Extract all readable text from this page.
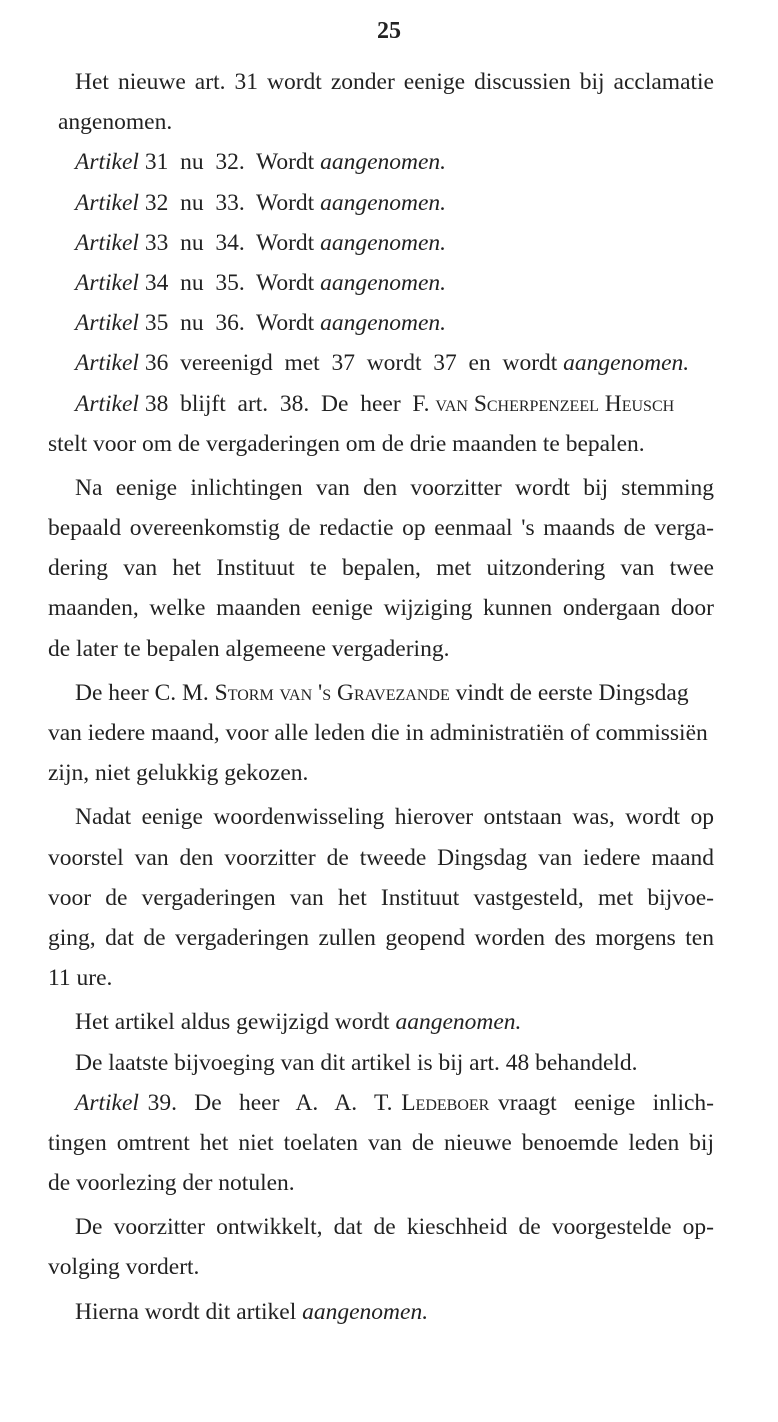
25
Het nieuwe art. 31 wordt zonder eenige discussien bij acclamatie
angenomen.
Artikel 31  nu  32.  Wordt aangenomen.
Artikel 32  nu  33.  Wordt aangenomen.
Artikel 33  nu  34.  Wordt aangenomen.
Artikel 34  nu  35.  Wordt aangenomen.
Artikel 35  nu  36.  Wordt aangenomen.
Artikel 36  vereenigd  met  37  wordt  37  en  wordt aangenomen.
Artikel 38  blijft  art.  38.  De  heer  F. van Scherpenzeel Heusch
stelt voor om de vergaderingen om de drie maanden te bepalen.
Na eenige inlichtingen van den voorzitter wordt bij stemming
bepaald overeenkomstig de redactie op eenmaal 's maands de verga-
dering van het Instituut te bepalen, met uitzondering van twee
maanden, welke maanden eenige wijziging kunnen ondergaan door
de later te bepalen algemeene vergadering.
De heer C. M. Storm van 's Gravezande vindt de eerste Dingsdag
van iedere maand, voor alle leden die in administratiën of commissiën
zijn, niet gelukkig gekozen.
Nadat eenige woordenwisseling hierover ontstaan was, wordt op
voorstel van den voorzitter de tweede Dingsdag van iedere maand
voor de vergaderingen van het Instituut vastgesteld, met bijvoe-
ging, dat de vergaderingen zullen geopend worden des morgens ten
11 ure.
Het artikel aldus gewijzigd wordt aangenomen.
De laatste bijvoeging van dit artikel is bij art. 48 behandeld.
Artikel 39.  De  heer  A.  A.  T. Ledeboer vraagt  eenige  inlich-
tingen omtrent het niet toelaten van de nieuwe benoemde leden bij
de voorlezing der notulen.
De voorzitter ontwikkelt, dat de kieschheid de voorgestelde op-
volging vordert.
Hierna wordt dit artikel aangenomen.
